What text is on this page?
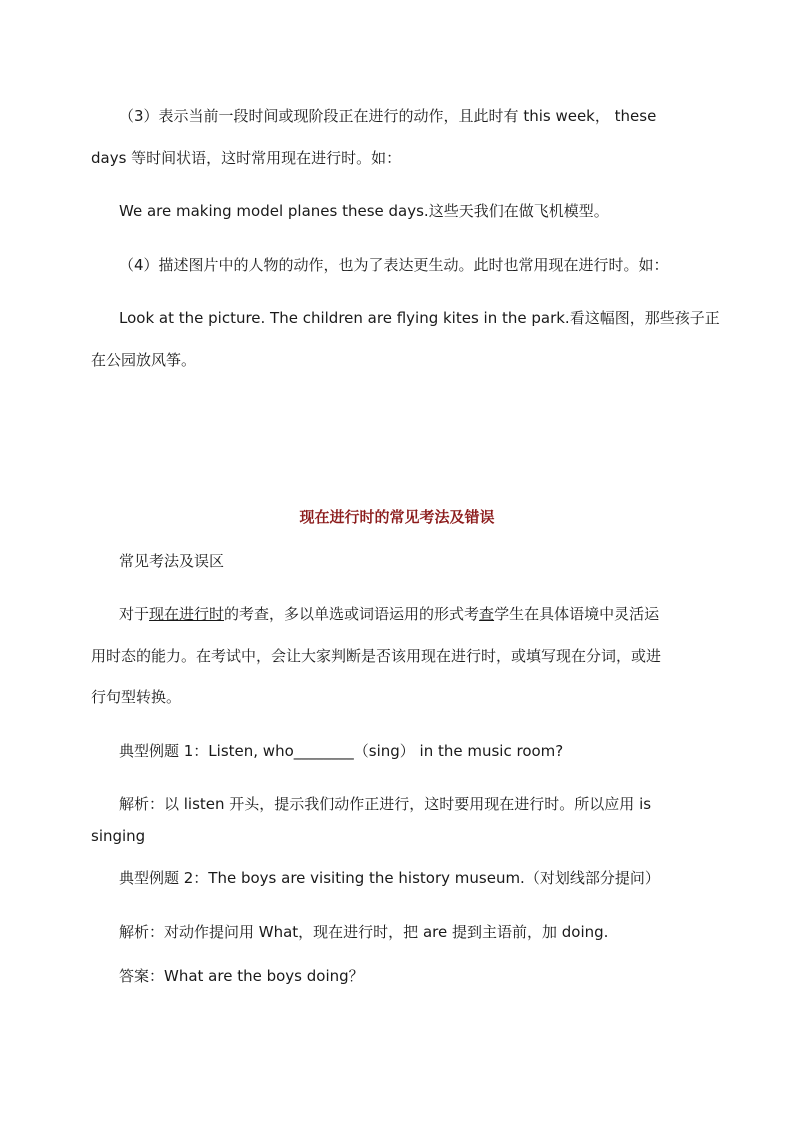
（3）表示当前一段时间或现阶段正在进行的动作，且此时有 this week， these
days 等时间状语，这时常用现在进行时。如：
We are making model planes these days.这些天我们在做飞机模型。
（4）描述图片中的人物的动作，也为了表达更生动。此时也常用现在进行时。如：
Look at the picture. The children are flying kites in the park.看这幅图，那些孩子正
在公园放风筝。
现在进行时的常见考法及错误
常见考法及误区
对于现在进行时的考查，多以单选或词语运用的形式考查学生在具体语境中灵活运
用时态的能力。在考试中，会让大家判断是否该用现在进行时，或填写现在分词，或进
行句型转换。
典型例题 1：Listen, who________（sing） in the music room?
解析：以 listen 开头，提示我们动作正进行，这时要用现在进行时。所以应用 is
singing
典型例题 2：The boys are visiting the history museum.（对划线部分提问）
解析：对动作提问用 What，现在进行时，把 are 提到主语前，加 doing.
答案：What are the boys doing？
